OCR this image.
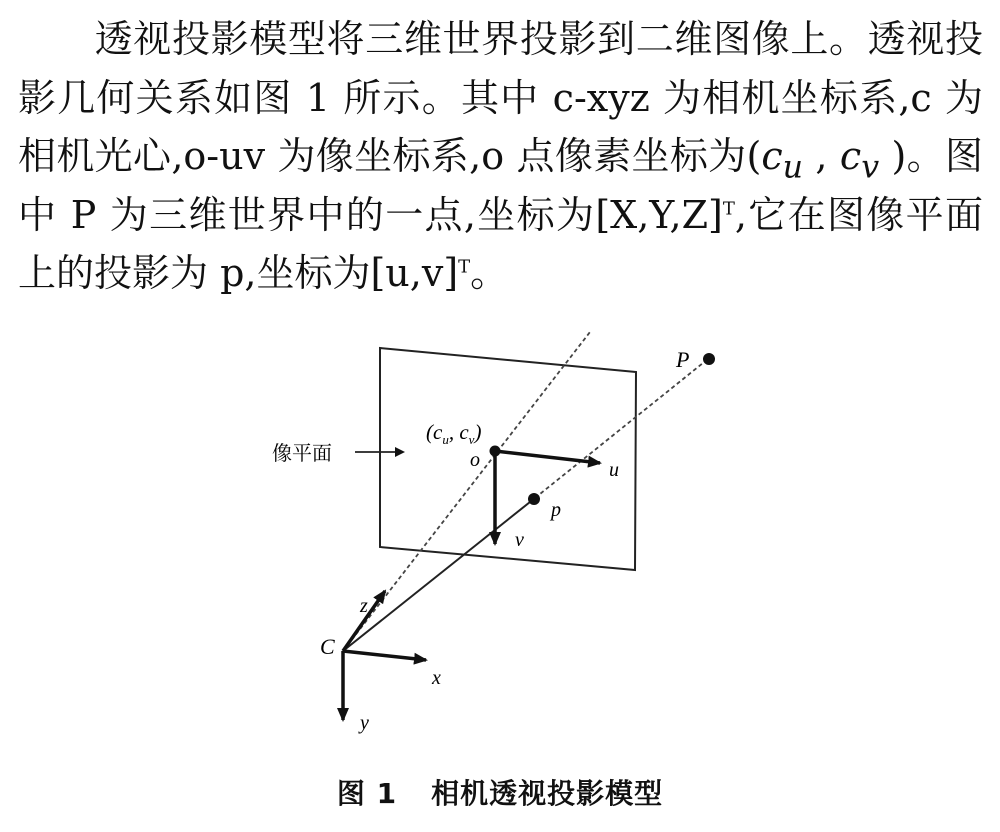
透视投影模型将三维世界投影到二维图像上。透视投影几何关系如图 1 所示。其中 c-xyz 为相机坐标系,c 为相机光心,o-uv 为像坐标系,o 点像素坐标为($c_u$ , $c_v$ )。图中 P 为三维世界中的一点,坐标为$[X,Y,Z]^T$,它在图像平面上的投影为 p,坐标为$[u,v]^T$。

像平面
($c_u$, $c_v$)
o	u
v
p
P
C
x
y
z
图 1 相机透视投影模型
